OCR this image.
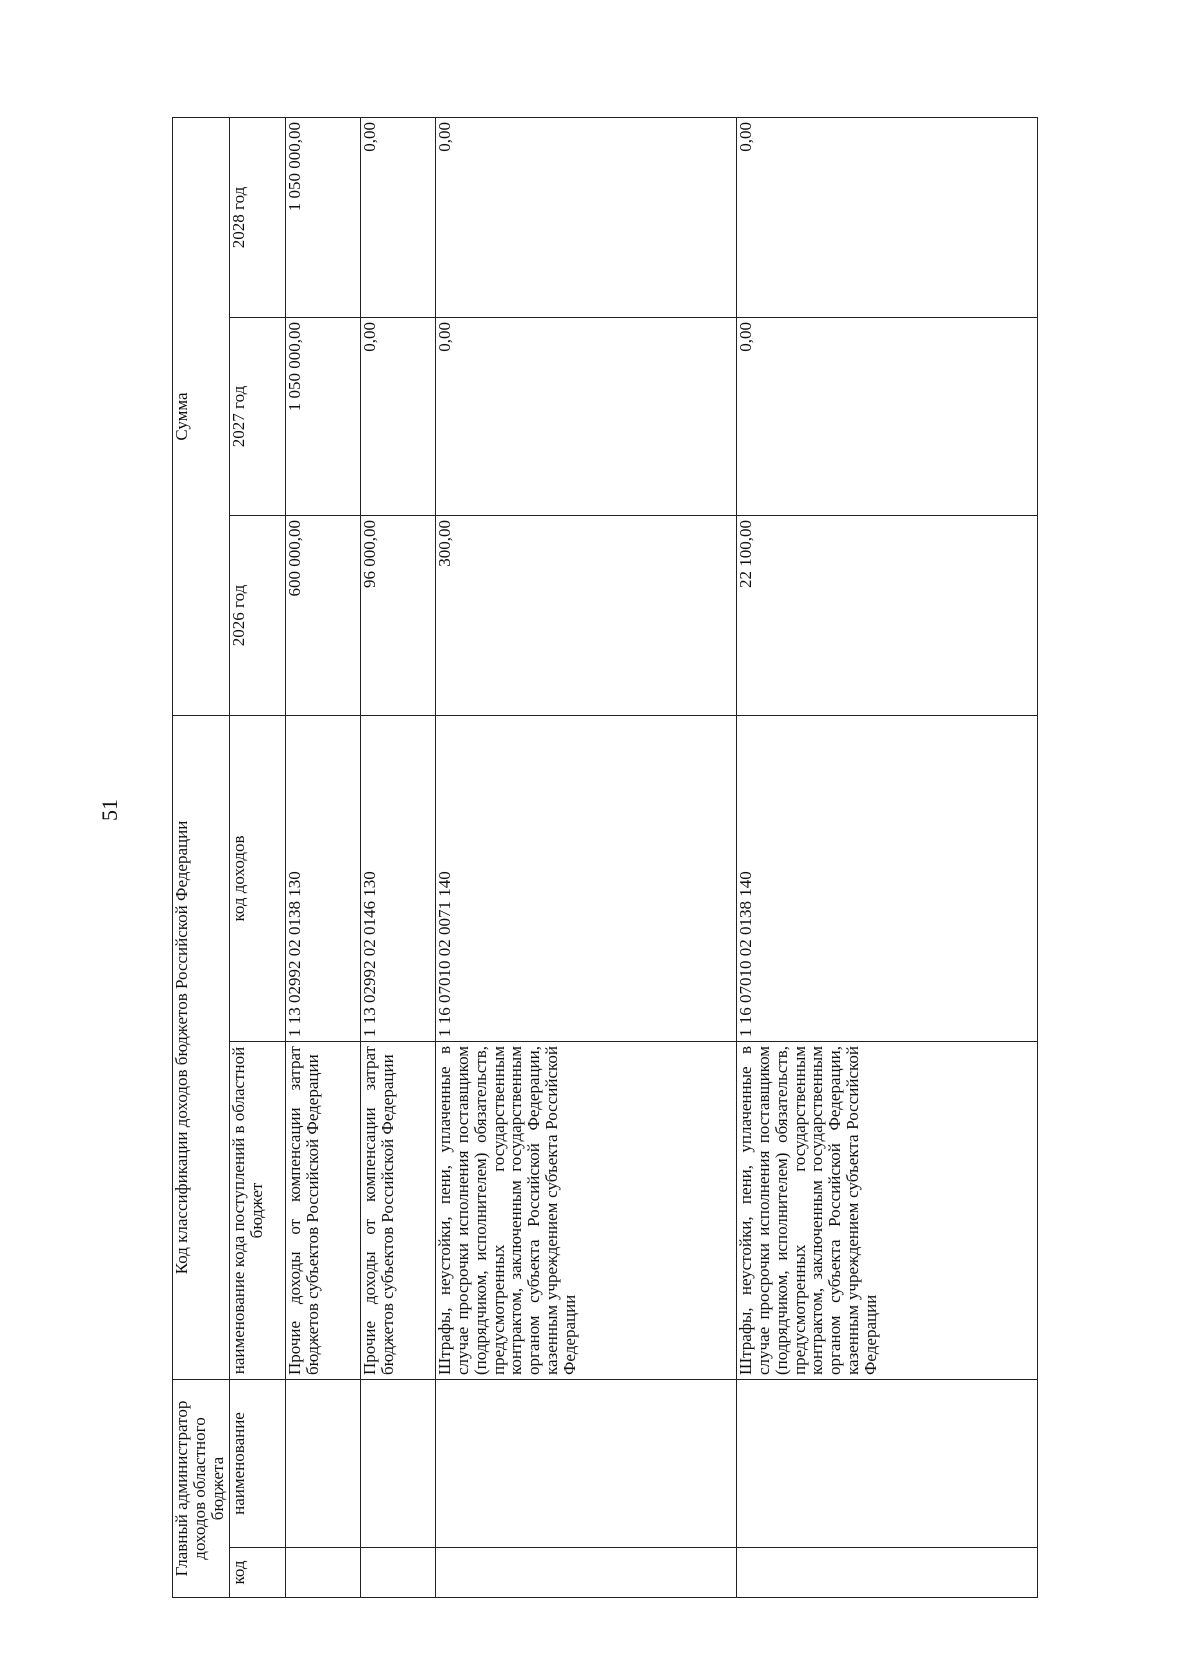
51
Главный администратор доходов областного бюджета		Код классификации доходов бюджетов Российской Федерации		Сумма		
код	наименование	наименование кода поступлений в областной бюджет	код доходов	2026 год	2027 год	2028 год
		Прочие доходы от компенсации затрат бюджетов субъектов Российской Федерации	1 13 02992 02 0138 130	600 000,00	1 050 000,00	1 050 000,00
		Прочие доходы от компенсации затрат бюджетов субъектов Российской Федерации	1 13 02992 02 0146 130	96 000,00	0,00	0,00
		Штрафы, неустойки, пени, уплаченные в случае просрочки исполнения поставщиком (подрядчиком, исполнителем) обязательств, предусмотренных государственным контрактом, заключенным государственным органом субъекта Российской Федерации, казенным учреждением субъекта Российской Федерации	1 16 07010 02 0071 140	300,00	0,00	0,00
		Штрафы, неустойки, пени, уплаченные в случае просрочки исполнения поставщиком (подрядчиком, исполнителем) обязательств, предусмотренных государственным контрактом, заключенным государственным органом субъекта Российской Федерации, казенным учреждением субъекта Российской Федерации	1 16 07010 02 0138 140	22 100,00	0,00	0,00
